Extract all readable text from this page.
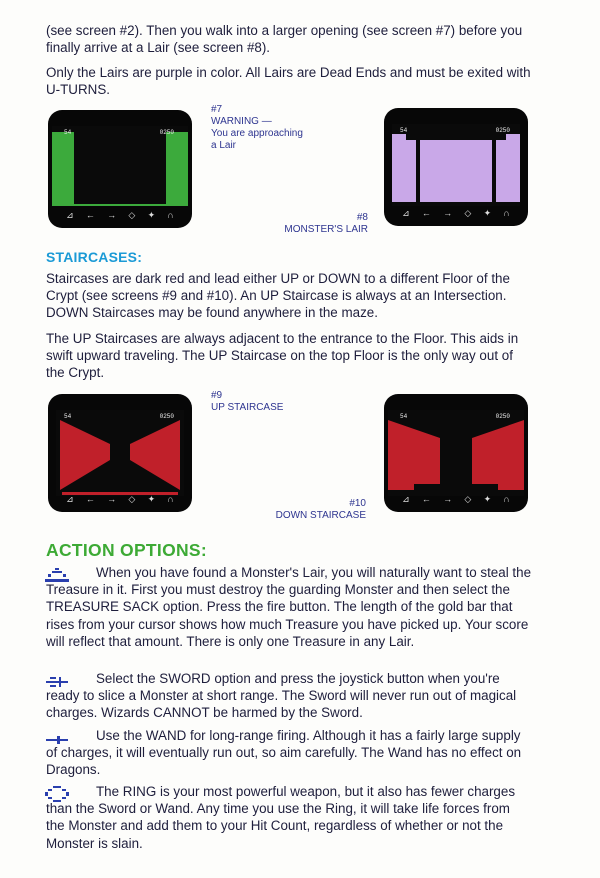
(see screen #2). Then you walk into a larger opening (see screen #7) before you finally arrive at a Lair (see screen #8).

Only the Lairs are purple in color. All Lairs are Dead Ends and must be exited with U-TURNS.

54	0250
⊿ ← → ◇ ✦ ∩
#7
WARNING —
You are approaching
a Lair
54	0250
⊿ ← → ◇ ✦ ∩
#8
MONSTER'S LAIR
STAIRCASES:

Staircases are dark red and lead either UP or DOWN to a different Floor of the Crypt (see screens #9 and #10). An UP Staircase is always at an Intersection. DOWN Staircases may be found anywhere in the maze.

The UP Staircases are always adjacent to the entrance to the Floor. This aids in swift upward traveling. The UP Staircase on the top Floor is the only way out of the Crypt.

54	0250
⊿ ← → ◇ ✦ ∩
#9
UP STAIRCASE
54	0250
⊿ ← → ◇ ✦ ∩
#10
DOWN STAIRCASE
ACTION OPTIONS:

When you have found a Monster's Lair, you will naturally want to steal the Treasure in it. First you must destroy the guarding Monster and then select the TREASURE SACK option. Press the fire button. The length of the gold bar that rises from your cursor shows how much Treasure you have picked up. Your score will reflect that amount. There is only one Treasure in any Lair.

Select the SWORD option and press the joystick button when you're ready to slice a Monster at short range. The Sword will never run out of magical charges. Wizards CANNOT be harmed by the Sword.

Use the WAND for long-range firing. Although it has a fairly large supply of charges, it will eventually run out, so aim carefully. The Wand has no effect on Dragons.

The RING is your most powerful weapon, but it also has fewer charges than the Sword or Wand. Any time you use the Ring, it will take life forces from the Monster and add them to your Hit Count, regardless of whether or not the Monster is slain.
